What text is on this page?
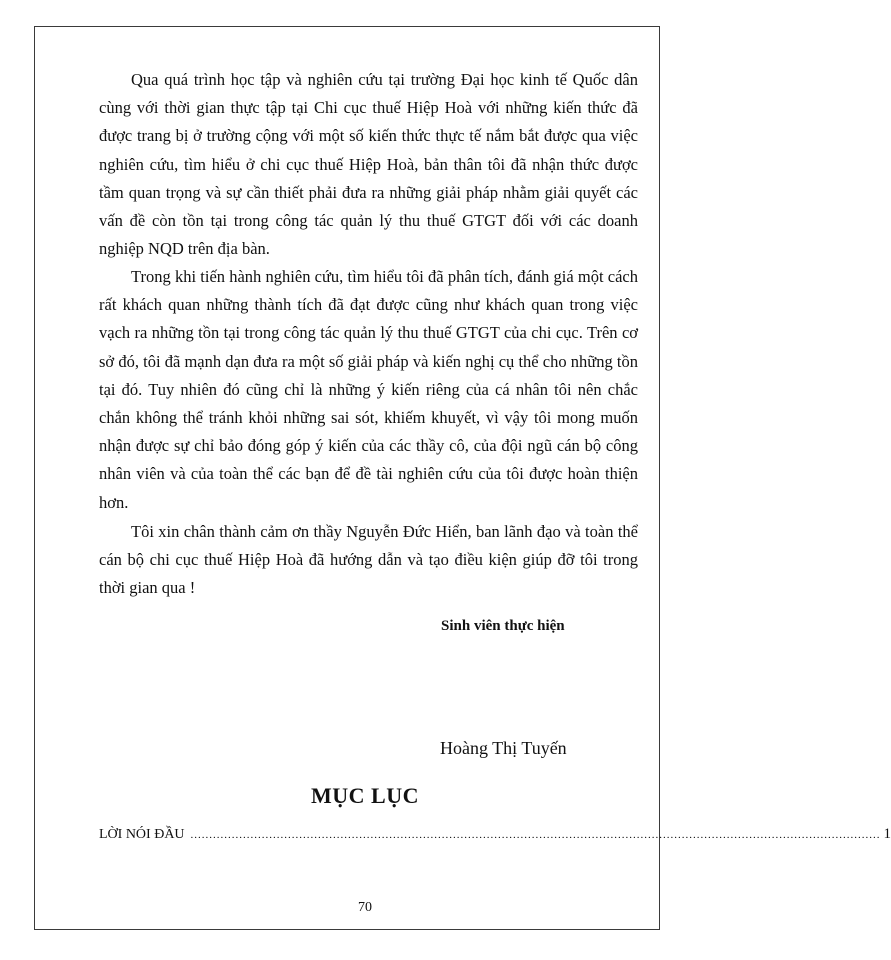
Qua quá trình học tập và nghiên cứu tại trường Đại học kinh tế Quốc dân cùng với thời gian thực tập tại Chi cục thuế Hiệp Hoà với những kiến thức đã được trang bị ở trường cộng với một số kiến thức thực tế nắm bắt được qua việc nghiên cứu, tìm hiểu ở chi cục thuế Hiệp Hoà, bản thân tôi đã nhận thức được tầm quan trọng và sự cần thiết phải đưa ra những giải pháp nhằm giải quyết các vấn đề còn tồn tại trong công tác quản lý thu thuế GTGT đối với các doanh nghiệp NQD trên địa bàn.

Trong khi tiến hành nghiên cứu, tìm hiểu tôi đã phân tích, đánh giá một cách rất khách quan những thành tích đã đạt được cũng như khách quan trong việc vạch ra những tồn tại trong công tác quản lý thu thuế GTGT của chi cục. Trên cơ sở đó, tôi đã mạnh dạn đưa ra một số giải pháp và kiến nghị cụ thể cho những tồn tại đó. Tuy nhiên đó cũng chỉ là những ý kiến riêng của cá nhân tôi nên chắc chắn không thể tránh khỏi những sai sót, khiếm khuyết, vì vậy tôi mong muốn nhận được sự chỉ bảo đóng góp ý kiến của các thầy cô, của đội ngũ cán bộ công nhân viên và của toàn thể các bạn để đề tài nghiên cứu của tôi được hoàn thiện hơn.

Tôi xin chân thành cảm ơn thầy Nguyễn Đức Hiển, ban lãnh đạo và toàn thể cán bộ chi cục thuế Hiệp Hoà đã hướng dẫn và tạo điều kiện giúp đỡ tôi trong thời gian qua !

Sinh viên thực hiện
Hoàng Thị Tuyến
MỤC LỤC
LỜI NÓI ĐẦU ........................................................................................................................................................................................ 1
70
